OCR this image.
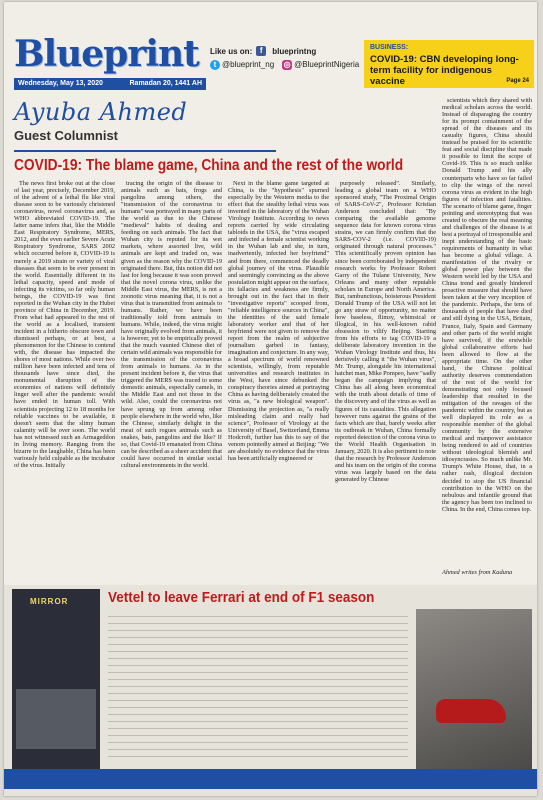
Blueprint
Wednesday, May 13, 2020	Ramadan 20, 1441 AH
Like us on: f	blueprintng
t @blueprint_ng ◎ @BlueprintNigeria
BUSINESS:
COVID-19: CBN developing long-term facility for indigenous vaccine	Page 24
Ayuba Ahmed
Guest Columnist
COVID-19: The blame game, China and the rest of the world

The news first broke out at the close of last year, precisely, December 2019, of the advent of a lethal flu like viral disease soon to be variously christened coronavirus, novel coronavirus and, as WHO abbreviated COVID-19. The latter name infers that, like the Middle East Respiratory Syndrome, MERS, 2012, and the even earlier Severe Acute Respiratory Syndrome, SARS 2002 which occurred before it, COVID-19 is merely a 2019 strain or variety of viral diseases that seem to be ever present in the world. Essentially different in its lethal capacity, speed and mode of infecting its victims, so far only human beings, the COVID-19 was first reported in the Wuhan city in the Hubei province of China in December, 2019. From what had appeared to the rest of the world as a localised, transient incident in a hitherto obscure town and dismissed perhaps, or at best, a phenomenon for the Chinese to contend with, the disease has impacted the shores of most nations. While over two million have been infected and tens of thousands have since died, the monumental disruption of the economies of nations will definitely linger well after the pandemic would have ended in human toll. With scientists projecting 12 to 18 months for reliable vaccines to be available, it doesn't seem that the slimy human calamity will be over soon. The world has not witnessed such an Armageddon in living memory. Ranging from the bizarre to the laughable, China has been variously held culpable as the incubator of the virus. Initially

tracing the origin of the disease to animals such as bats, frogs and pangolins among others, the "transmission of the coronavirus to humans" was portrayed in many parts of the world as due to the Chinese "medieval" habits of dealing and feeding on such animals. The fact that Wuhan city is reputed for its wet markets, where assorted live, wild animals are kept and traded on, was given as the reason why the COVID-19 originated there. But, this notion did not last for long because it was soon proved that the novel corona virus, unlike the Middle East virus, the MERS, is not a zoonotic virus meaning that, it is not a virus that is transmitted from animals to humans. Rather, we have been traditionally told from animals to humans. While, indeed, the virus might have originally evolved from animals, it is however, yet to be empirically proved that the much vaunted Chinese diet of certain wild animals was responsible for the transmission of the coronavirus from animals to humans. As in the present incident before it, the virus that triggered the MERS was traced to some domestic animals, especially camels, in the Middle East and not those in the wild. Also, could the coronavirus not have sprung up from among other people elsewhere in the world who, like the Chinese, similarly delight in the meat of such rogues animals such as snakes, bats, pangolins and the like? If so, that Covid-19 emanated from China can be described as a sheer accident that could have occurred in similar social cultural environments in the world.

Next in the blame game targeted at China, is the "hypothesis" spurned especially by the Western media to the effect that the stealthy lethal virus was invented in the laboratory of the Wuhan Virology Institute. According to news reports carried by wide circulating tabloids in the USA, the "virus escaped and infected a female scientist working in the Wuhan lab and she, in turn, inadvertently, infected her boyfriend" and from there, commenced the deadly global journey of the virus. Plausible and seemingly convincing as the above postulation might appear on the surface, its fallacies and weakness are firmly, brought out in the fact that in their "investigative reports" scooped from, "reliable intelligence sources in China", the identities of the said female laboratory worker and that of her boyfriend were not given to remove the report from the realm of subjective journalism garbed in fantasy, imagination and conjecture. In any way, a broad spectrum of world renowned scientists, willingly, from reputable universities and research institutes in the West, have since debunked the conspiracy theories aimed at portraying China as having deliberately created the virus as, "a new biological weapon". Dismissing the projection as, "a really misleading claim and really bad science", Professor of Virology at the University of Basel, Switzerland, Emma Hodcroft, further has this to say of the venom pointedly aimed at Beijing: "We are absolutely no evidence that the virus has been artificially engineered or

purposely released". Similarly, leading a global team on a WHO sponsored study, "The Proximal Origin of SARS-CoV-2", Professor Kristian Anderson concluded that: "By comparing the available genome sequence data for known corona virus strains, we can firmly confirm that the SARS-COV-2 (i.e. COVID-19) originated through natural processes." This scientifically proven opinion has since been corroborated by independent research works by Professor Robert Garry of the Tulane University, New Orleans and many other reputable scholars in Europe and North America. But, rambunctious, boisterous President Donald Trump of the USA will not let go any straw of opportunity, no matter how baseless, flimsy, whimsical or illogical, in his well-known rabid obsession to vilify Beijing. Starting from his efforts to tag COVID-19 a deliberate laboratory invention in the Wuhan Virology Institute and thus, his derisively calling it "the Wuhan virus", Mr. Trump, alongside his international hatchet man, Mike Pompeo, have "sadly began the campaign implying that China has all along been economical with the truth about details of time of the discovery and of the virus as well as figures of its casualties. This allegation however runs against the grains of the facts which are that, barely weeks after its outbreak in Wuhan, China formally reported detection of the corona virus to the World Health Organisation in January, 2020. It is also pertinent to note that the research by Professor Anderson and his team on the origin of the corona virus was largely based on the data generated by Chinese

scientists which they shared with medical scholars across the world. Instead of disparaging the country for its prompt containment of the spread of the diseases and its casualty figures, China should instead be praised for its scientific feat and social discipline that made it possible to limit the scope of Covid-19. This is so much unlike Donald Trump and his ally counterparts who have so far failed to clip the wings of the novel corona virus as evident in the high figures of infection and fatalities. The scenario of blame game, finger pointing and stereotyping that was created to obscure the real meaning and challenges of the disease is at best a portrayal of irresponsible and inept understanding of the basic requirements of humanity in what has become a global village. A manifestation of the rivalry or global power play between the Western world led by the USA and China trend and greatly hindered proactive measure that should have been taken at the very inception of the pandemic. Perhaps, the tens of thousands of people that have died and still dying in the USA, Britain, France, Italy, Spain and Germany and other parts of the world might have survived, if the erstwhile global collaborative efforts had been allowed to flow at the appropriate time. On the other hand, the Chinese political authority deserves commendation of the rest of the world for demonstrating not only focused leadership that resulted in the mitigation of the ravages of the pandemic within the country, but as well displayed its role as a responsible member of the global community by the extensive medical and manpower assistance being rendered to aid of countries without ideological blemish and idiosyncrasies. So much unlike Mr. Trump's White House, that, in a rather rash, illogical decision decided to stop the US financial contribution to the WHO on the nebulous and infantile ground that the agency has been too inclined to China. In the end, China comes top.

Ahmed writes from Kaduna
MIRROR	Vettel to leave Ferrari at end of F1 season
